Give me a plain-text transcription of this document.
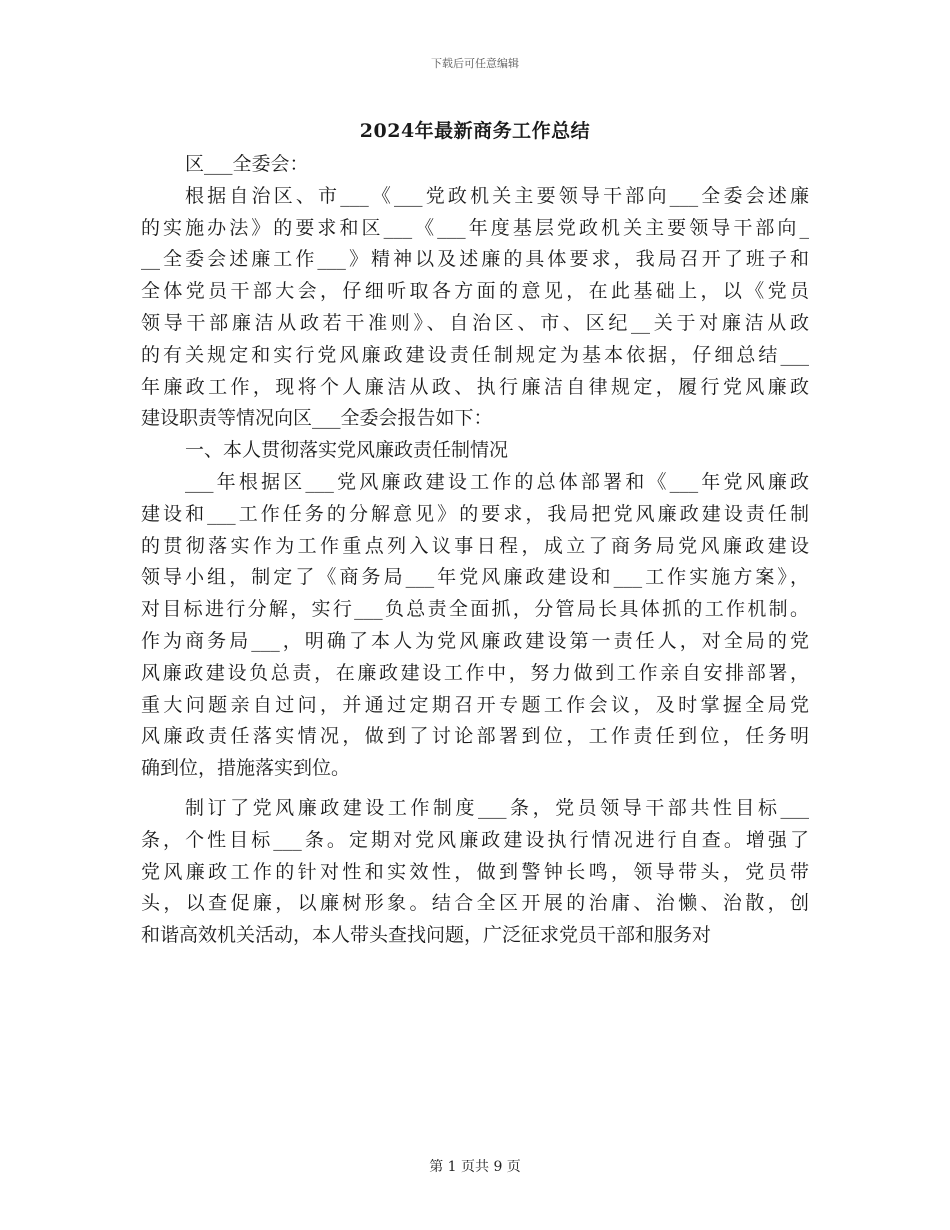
下载后可任意编辑
2024年最新商务工作总结
区___全委会：
根据自治区、市___《___党政机关主要领导干部向___全委会述廉
的实施办法》的要求和区___《___年度基层党政机关主要领导干部向_
__全委会述廉工作___》精神以及述廉的具体要求，我局召开了班子和
全体党员干部大会，仔细听取各方面的意见，在此基础上，以《党员
领导干部廉洁从政若干准则》、自治区、市、区纪__关于对廉洁从政
的有关规定和实行党风廉政建设责任制规定为基本依据，仔细总结___
年廉政工作，现将个人廉洁从政、执行廉洁自律规定，履行党风廉政
建设职责等情况向区___全委会报告如下：
一、本人贯彻落实党风廉政责任制情况
___年根据区___党风廉政建设工作的总体部署和《___年党风廉政
建设和___工作任务的分解意见》的要求，我局把党风廉政建设责任制
的贯彻落实作为工作重点列入议事日程，成立了商务局党风廉政建设
领导小组，制定了《商务局___年党风廉政建设和___工作实施方案》，
对目标进行分解，实行___负总责全面抓，分管局长具体抓的工作机制。
作为商务局___，明确了本人为党风廉政建设第一责任人，对全局的党
风廉政建设负总责，在廉政建设工作中，努力做到工作亲自安排部署，
重大问题亲自过问，并通过定期召开专题工作会议，及时掌握全局党
风廉政责任落实情况，做到了讨论部署到位，工作责任到位，任务明
确到位，措施落实到位。
制订了党风廉政建设工作制度___条，党员领导干部共性目标___
条，个性目标___条。定期对党风廉政建设执行情况进行自查。增强了
党风廉政工作的针对性和实效性，做到警钟长鸣，领导带头，党员带
头，以查促廉，以廉树形象。结合全区开展的治庸、治懒、治散，创
和谐高效机关活动，本人带头查找问题，广泛征求党员干部和服务对
第 1 页共 9 页
